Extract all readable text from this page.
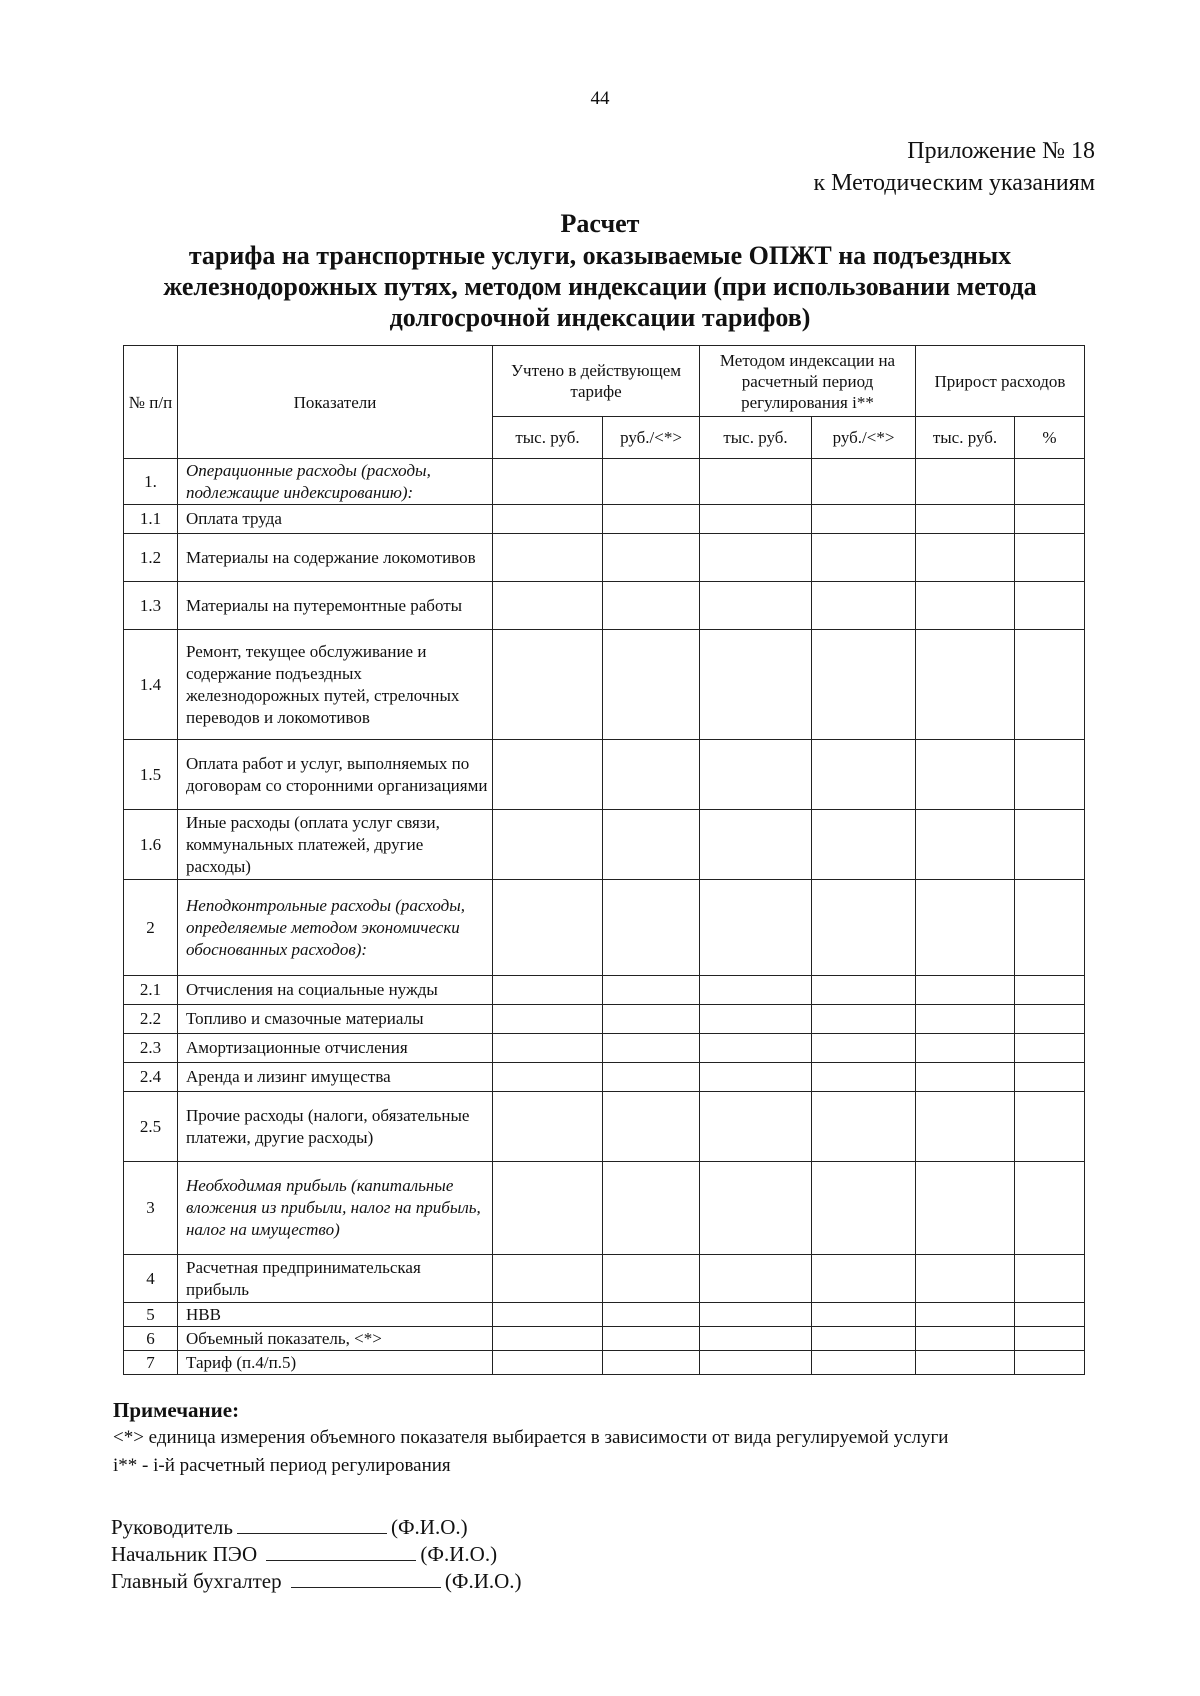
44
Приложение № 18
к Методическим указаниям
Расчет
тарифа на транспортные услуги, оказываемые ОПЖТ на подъездных
железнодорожных путях, методом индексации (при использовании метода
долгосрочной индексации тарифов)
№ п/п	Показатели	Учтено в действующем тарифе		Методом индексации на расчетный период регулирования i**		Прирост расходов	
		тыс. руб.	руб./<*>	тыс. руб.	руб./<*>	тыс. руб.	%
1.	Операционные расходы (расходы, подлежащие индексированию):						
1.1	Оплата труда						
1.2	Материалы на содержание локомотивов						
1.3	Материалы на путеремонтные работы						
1.4	Ремонт, текущее обслуживание и содержание подъездных железнодорожных путей, стрелочных переводов и локомотивов						
1.5	Оплата работ и услуг, выполняемых по договорам со сторонними организациями						
1.6	Иные расходы (оплата услуг связи, коммунальных платежей, другие расходы)						
2	Неподконтрольные расходы (расходы, определяемые методом экономически обоснованных расходов):						
2.1	Отчисления на социальные нужды						
2.2	Топливо и смазочные материалы						
2.3	Амортизационные отчисления						
2.4	Аренда и лизинг имущества						
2.5	Прочие расходы (налоги, обязательные платежи, другие расходы)						
3	Необходимая прибыль (капитальные вложения из прибыли, налог на прибыль, налог на имущество)						
4	Расчетная предпринимательская прибыль						
5	НВВ						
6	Объемный показатель, <*>						
7	Тариф (п.4/п.5)						
Примечание:
<*> единица измерения объемного показателя выбирается в зависимости от вида регулируемой услуги
i** - i-й расчетный период регулирования
Руководитель	(Ф.И.О.)
Начальник ПЭО	(Ф.И.О.)
Главный бухгалтер	(Ф.И.О.)
